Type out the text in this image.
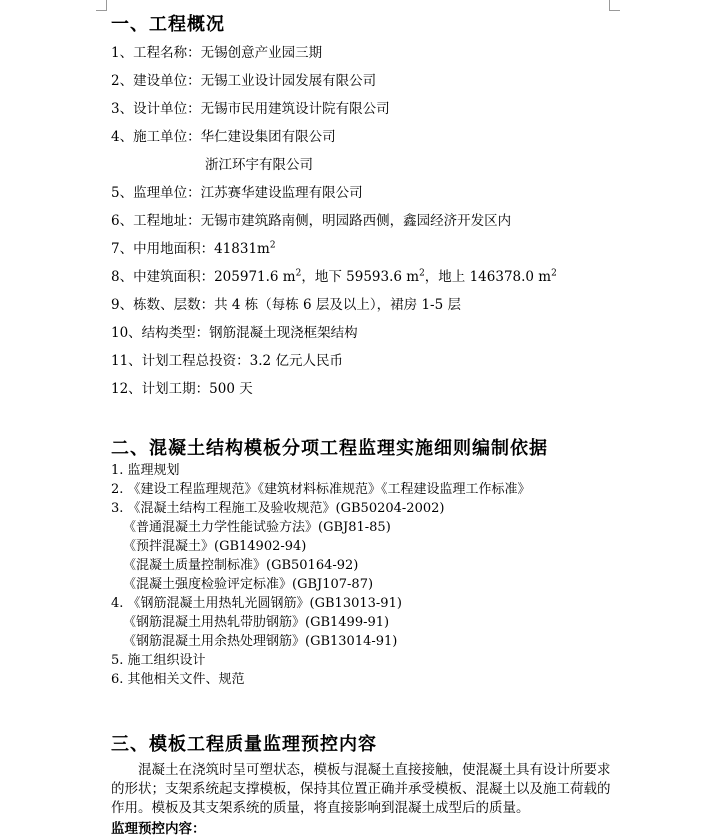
一、工程概况
1、工程名称：无锡创意产业园三期
2、建设单位：无锡工业设计园发展有限公司
3、设计单位：无锡市民用建筑设计院有限公司
4、施工单位：华仁建设集团有限公司
浙江环宇有限公司
5、监理单位：江苏赛华建设监理有限公司
6、工程地址：无锡市建筑路南侧，明园路西侧，鑫园经济开发区内
7、中用地面积：$41831m^2$
8、中建筑面积：205971.6 $m^2$，地下 59593.6 $m^2$，地上 146378.0 $m^2$
9、栋数、层数：共 4 栋（每栋 6 层及以上），裙房 1-5 层
10、结构类型：钢筋混凝土现浇框架结构
11、计划工程总投资：3.2 亿元人民币
12、计划工期：500 天
二、混凝土结构模板分项工程监理实施细则编制依据
1. 监理规划
2. 《建设工程监理规范》《建筑材料标准规范》《工程建设监理工作标准》
3. 《混凝土结构工程施工及验收规范》(GB50204-2002)
《普通混凝土力学性能试验方法》(GBJ81-85)
《预拌混凝土》(GB14902-94)
《混凝土质量控制标准》(GB50164-92)
《混凝土强度检验评定标准》(GBJ107-87)
4. 《钢筋混凝土用热轧光圆钢筋》(GB13013-91)
《钢筋混凝土用热轧带肋钢筋》(GB1499-91)
《钢筋混凝土用余热处理钢筋》(GB13014-91)
5. 施工组织设计
6. 其他相关文件、规范
三、模板工程质量监理预控内容
混凝土在浇筑时呈可塑状态，模板与混凝土直接接触，使混凝土具有设计所要求的形状；支架系统起支撑模板，保持其位置正确并承受模板、混凝土以及施工荷载的作用。模板及其支架系统的质量，将直接影响到混凝土成型后的质量。
监理预控内容：
